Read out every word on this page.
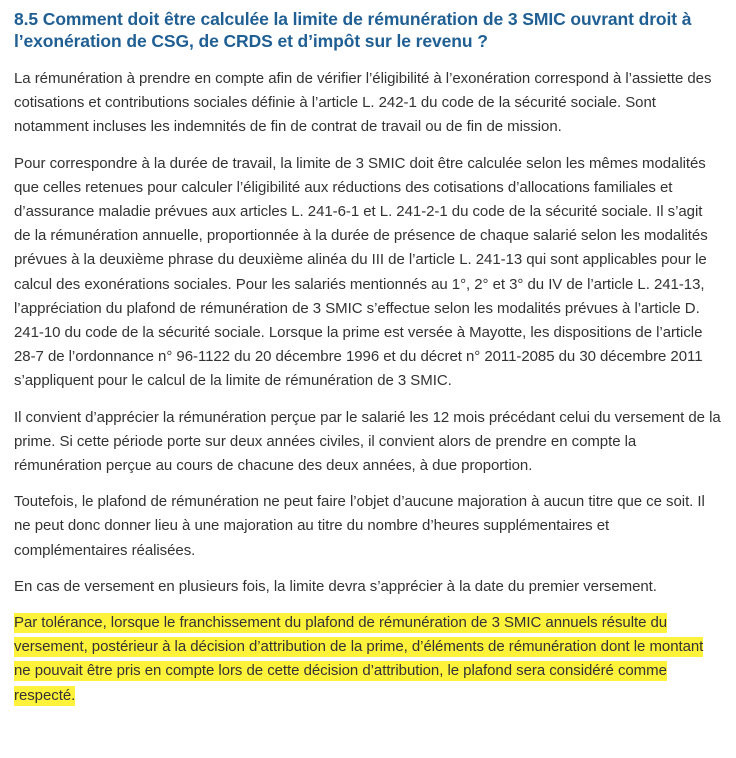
8.5 Comment doit être calculée la limite de rémunération de 3 SMIC ouvrant droit à l’exonération de CSG, de CRDS et d’impôt sur le revenu ?

La rémunération à prendre en compte afin de vérifier l’éligibilité à l’exonération correspond à l’assiette des cotisations et contributions sociales définie à l’article L. 242-1 du code de la sécurité sociale. Sont notamment incluses les indemnités de fin de contrat de travail ou de fin de mission.

Pour correspondre à la durée de travail, la limite de 3 SMIC doit être calculée selon les mêmes modalités que celles retenues pour calculer l’éligibilité aux réductions des cotisations d’allocations familiales et d’assurance maladie prévues aux articles L. 241-6-1 et L. 241-2-1 du code de la sécurité sociale. Il s’agit de la rémunération annuelle, proportionnée à la durée de présence de chaque salarié selon les modalités prévues à la deuxième phrase du deuxième alinéa du III de l’article L. 241-13 qui sont applicables pour le calcul des exonérations sociales. Pour les salariés mentionnés au 1°, 2° et 3° du IV de l’article L. 241-13, l’appréciation du plafond de rémunération de 3 SMIC s’effectue selon les modalités prévues à l’article D. 241-10 du code de la sécurité sociale. Lorsque la prime est versée à Mayotte, les dispositions de l’article 28-7 de l’ordonnance n° 96-1122 du 20 décembre 1996 et du décret n° 2011-2085 du 30 décembre 2011 s’appliquent pour le calcul de la limite de rémunération de 3 SMIC.

Il convient d’apprécier la rémunération perçue par le salarié les 12 mois précédant celui du versement de la prime. Si cette période porte sur deux années civiles, il convient alors de prendre en compte la rémunération perçue au cours de chacune des deux années, à due proportion.

Toutefois, le plafond de rémunération ne peut faire l’objet d’aucune majoration à aucun titre que ce soit. Il ne peut donc donner lieu à une majoration au titre du nombre d’heures supplémentaires et complémentaires réalisées.

En cas de versement en plusieurs fois, la limite devra s’apprécier à la date du premier versement.

Par tolérance, lorsque le franchissement du plafond de rémunération de 3 SMIC annuels résulte du versement, postérieur à la décision d’attribution de la prime, d’éléments de rémunération dont le montant ne pouvait être pris en compte lors de cette décision d’attribution, le plafond sera considéré comme respecté.
